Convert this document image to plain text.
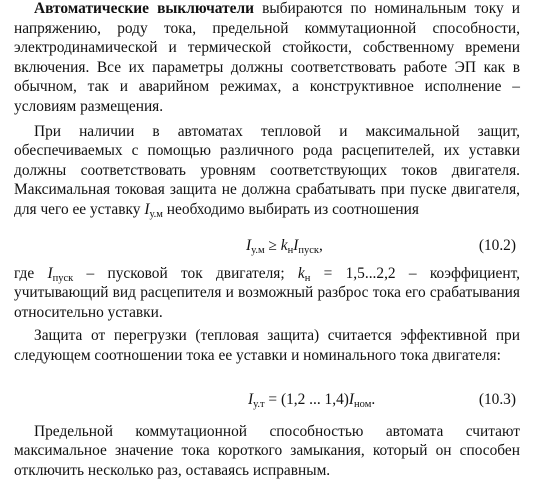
Автоматические выключатели выбираются по номинальным току и напряжению, роду тока, предельной коммутационной способности, электродинамической и термической стойкости, собственному времени включения. Все их параметры должны соответствовать работе ЭП как в обычном, так и аварийном режимах, а конструктивное исполнение – условиям размещения.

При наличии в автоматах тепловой и максимальной защит, обеспечиваемых с помощью различного рода расцепителей, их уставки должны соответствовать уровням соответствующих токов двигателя. Максимальная токовая защита не должна срабатывать при пуске двигателя, для чего ее уставку $I_{у.м}$ необходимо выбирать из соотношения

$I_{у.м} \ge k_нI_{пуск}$,	(10.2)

где $I_{пуск}$ – пусковой ток двигателя; $k_н = 1,5...2,2$ – коэффициент, учитывающий вид расцепителя и возможный разброс тока его срабатывания относительно уставки.

Защита от перегрузки (тепловая защита) считается эффективной при следующем соотношении тока ее уставки и номинального тока двигателя:

$I_{у.т} = (1,2$ ... $1,4)I_{ном}$.	(10.3)

Предельной коммутационной способностью автомата считают максимальное значение тока короткого замыкания, который он способен отключить несколько раз, оставаясь исправным.
